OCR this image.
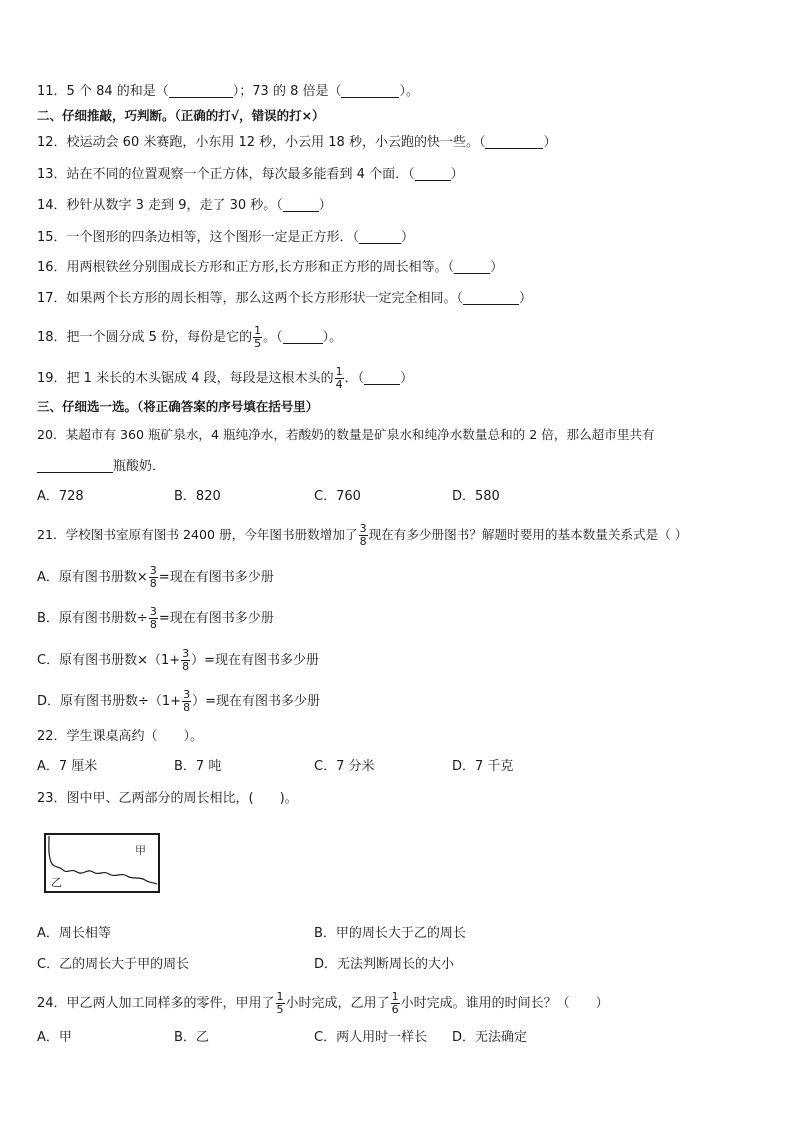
11．5 个 84 的和是（	）；73 的 8 倍是（	）。
二、仔细推敲，巧判断。（正确的打√，错误的打×）
12．校运动会 60 米赛跑，小东用 12 秒，小云用 18 秒，小云跑的快一些。（	）
13．站在不同的位置观察一个正方体，每次最多能看到 4 个面．（	）
14．秒针从数字 3 走到 9，走了 30 秒。（	）
15．一个图形的四条边相等，这个图形一定是正方形．（	）
16．用两根铁丝分别围成长方形和正方形,长方形和正方形的周长相等。（	）
17．如果两个长方形的周长相等，那么这两个长方形形状一定完全相同。（	）
18．把一个圆分成 5 份，每份是它的 $\frac{1}{5}$ 。（	）。
19．把 1 米长的木头锯成 4 段，每段是这根木头的 $\frac{1}{4}$ ．（	）
三、仔细选一选。（将正确答案的序号填在括号里）
20．某超市有 360 瓶矿泉水，4 瓶纯净水，若酸奶的数量是矿泉水和纯净水数量总和的 2 倍，那么超市里共有
瓶酸奶．
A．728	B．820	C．760	D．580
21．学校图书室原有图书 2400 册，今年图书册数增加了 $\frac{3}{8}$ 现在有多少册图书？解题时要用的基本数量关系式是（ ）
A．原有图书册数× $\frac{3}{8}$ =现在有图书多少册
B．原有图书册数÷ $\frac{3}{8}$ =现在有图书多少册
C．原有图书册数$\times(1+ \frac{3}{8}$ ）=现在有图书多少册
D．原有图书册数$\div(1+ \frac{3}{8}$ ）=现在有图书多少册
22．学生课桌高约（　　）。
A．7 厘米	B．7 吨	C．7 分米	D．7 千克
23．图中甲、乙两部分的周长相比，(　　)。
甲
乙
A．周长相等	B．甲的周长大于乙的周长
C．乙的周长大于甲的周长	D．无法判断周长的大小
24．甲乙两人加工同样多的零件，甲用了 $\frac{1}{5}$ 小时完成，乙用了 $\frac{1}{6}$ 小时完成。谁用的时间长？（　　）
A．甲	B．乙	C．两人用时一样长 D．无法确定
